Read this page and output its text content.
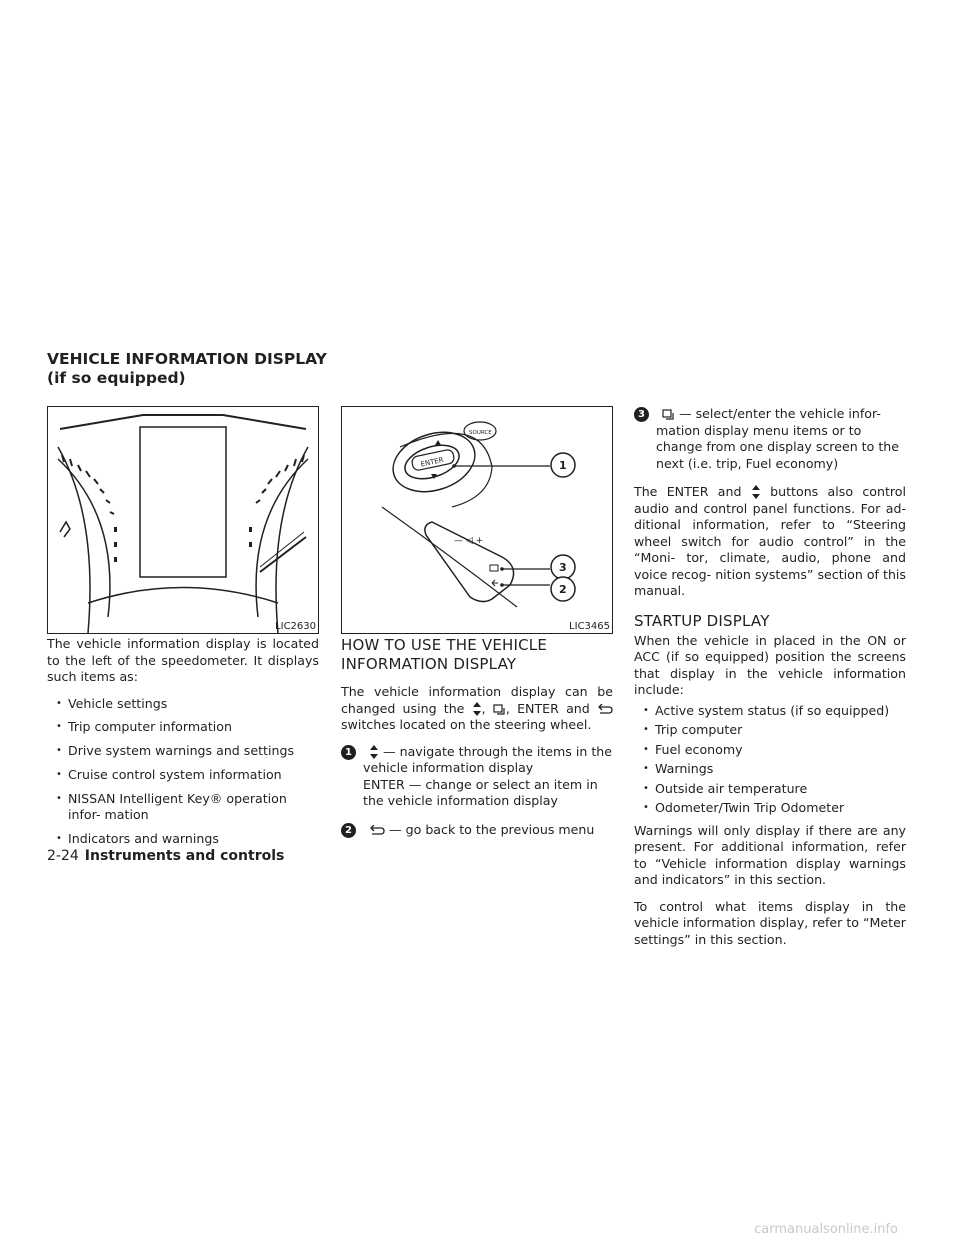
VEHICLE INFORMATION DISPLAY (if so equipped)
LIC2630
ENTER
SOURCE
— ◁ +
1
3
2
LIC3465

The vehicle information display is located to the left of the speedometer. It displays such items as:

• Vehicle settings
• Trip computer information
• Drive system warnings and settings
• Cruise control system information
• NISSAN Intelligent Key® operation infor- mation
• Indicators and warnings
HOW TO USE THE VEHICLE INFORMATION DISPLAY

The vehicle information display can be changed using the , , ENTER and  switches located on the steering wheel.

1	— navigate through the items in the vehicle information display
ENTER — change or select an item in the vehicle information display
2	— go back to the previous menu
3	— select/enter the vehicle infor- mation display menu items or to change from one display screen to the next (i.e. trip, Fuel economy)

The ENTER and buttons also control audio and control panel functions. For ad- ditional information, refer to “Steering wheel switch for audio control” in the “Moni- tor, climate, audio, phone and voice recog- nition systems” section of this manual.

STARTUP DISPLAY

When the vehicle in placed in the ON or ACC (if so equipped) position the screens that display in the vehicle information include:

• Active system status (if so equipped)
• Trip computer
• Fuel economy
• Warnings
• Outside air temperature
• Odometer/Twin Trip Odometer

Warnings will only display if there are any present. For additional information, refer to “Vehicle information display warnings and indicators” in this section.

To control what items display in the vehicle information display, refer to “Meter settings” in this section.

2-24 Instruments and controls
carmanualsonline.info
